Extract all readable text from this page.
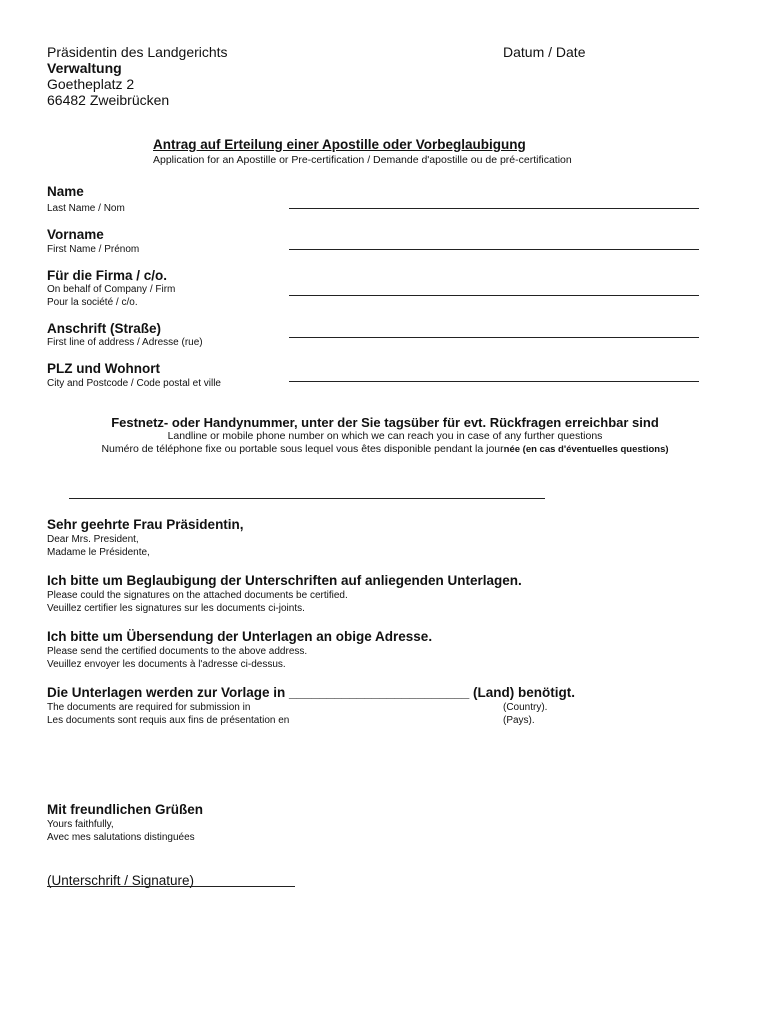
Präsidentin des Landgerichts
Verwaltung
Goetheplatz 2
66482 Zweibrücken
Datum / Date
Antrag auf Erteilung einer Apostille oder Vorbeglaubigung
Application for an Apostille or Pre-certification / Demande d'apostille ou de pré-certification
Name
Last Name / Nom
Vorname
First Name / Prénom
Für die Firma / c/o.
On behalf of Company / Firm
Pour la société / c/o.
Anschrift (Straße)
First line of address / Adresse (rue)
PLZ und Wohnort
City and Postcode / Code postal et ville
Festnetz- oder Handynummer, unter der Sie tagsüber für evt. Rückfragen erreichbar sind
Landline or mobile phone number on which we can reach you in case of any further questions
Numéro de téléphone fixe ou portable sous lequel vous êtes disponible pendant la journée (en cas d'éventuelles questions)
Sehr geehrte Frau Präsidentin,
Dear Mrs. President,
Madame le Présidente,
Ich bitte um Beglaubigung der Unterschriften auf anliegenden Unterlagen.
Please could the signatures on the attached documents be certified.
Veuillez certifier les signatures sur les documents ci-joints.
Ich bitte um Übersendung der Unterlagen an obige Adresse.
Please send the certified documents to the above address.
Veuillez envoyer les documents à l'adresse ci-dessus.
Die Unterlagen werden zur Vorlage in ________________________ (Land) benötigt.
The documents are required for submission in
Les documents sont requis aux fins de présentation en
(Country).
(Pays).
Mit freundlichen Grüßen
Yours faithfully,
Avec mes salutations distinguées
(Unterschrift / Signature)
